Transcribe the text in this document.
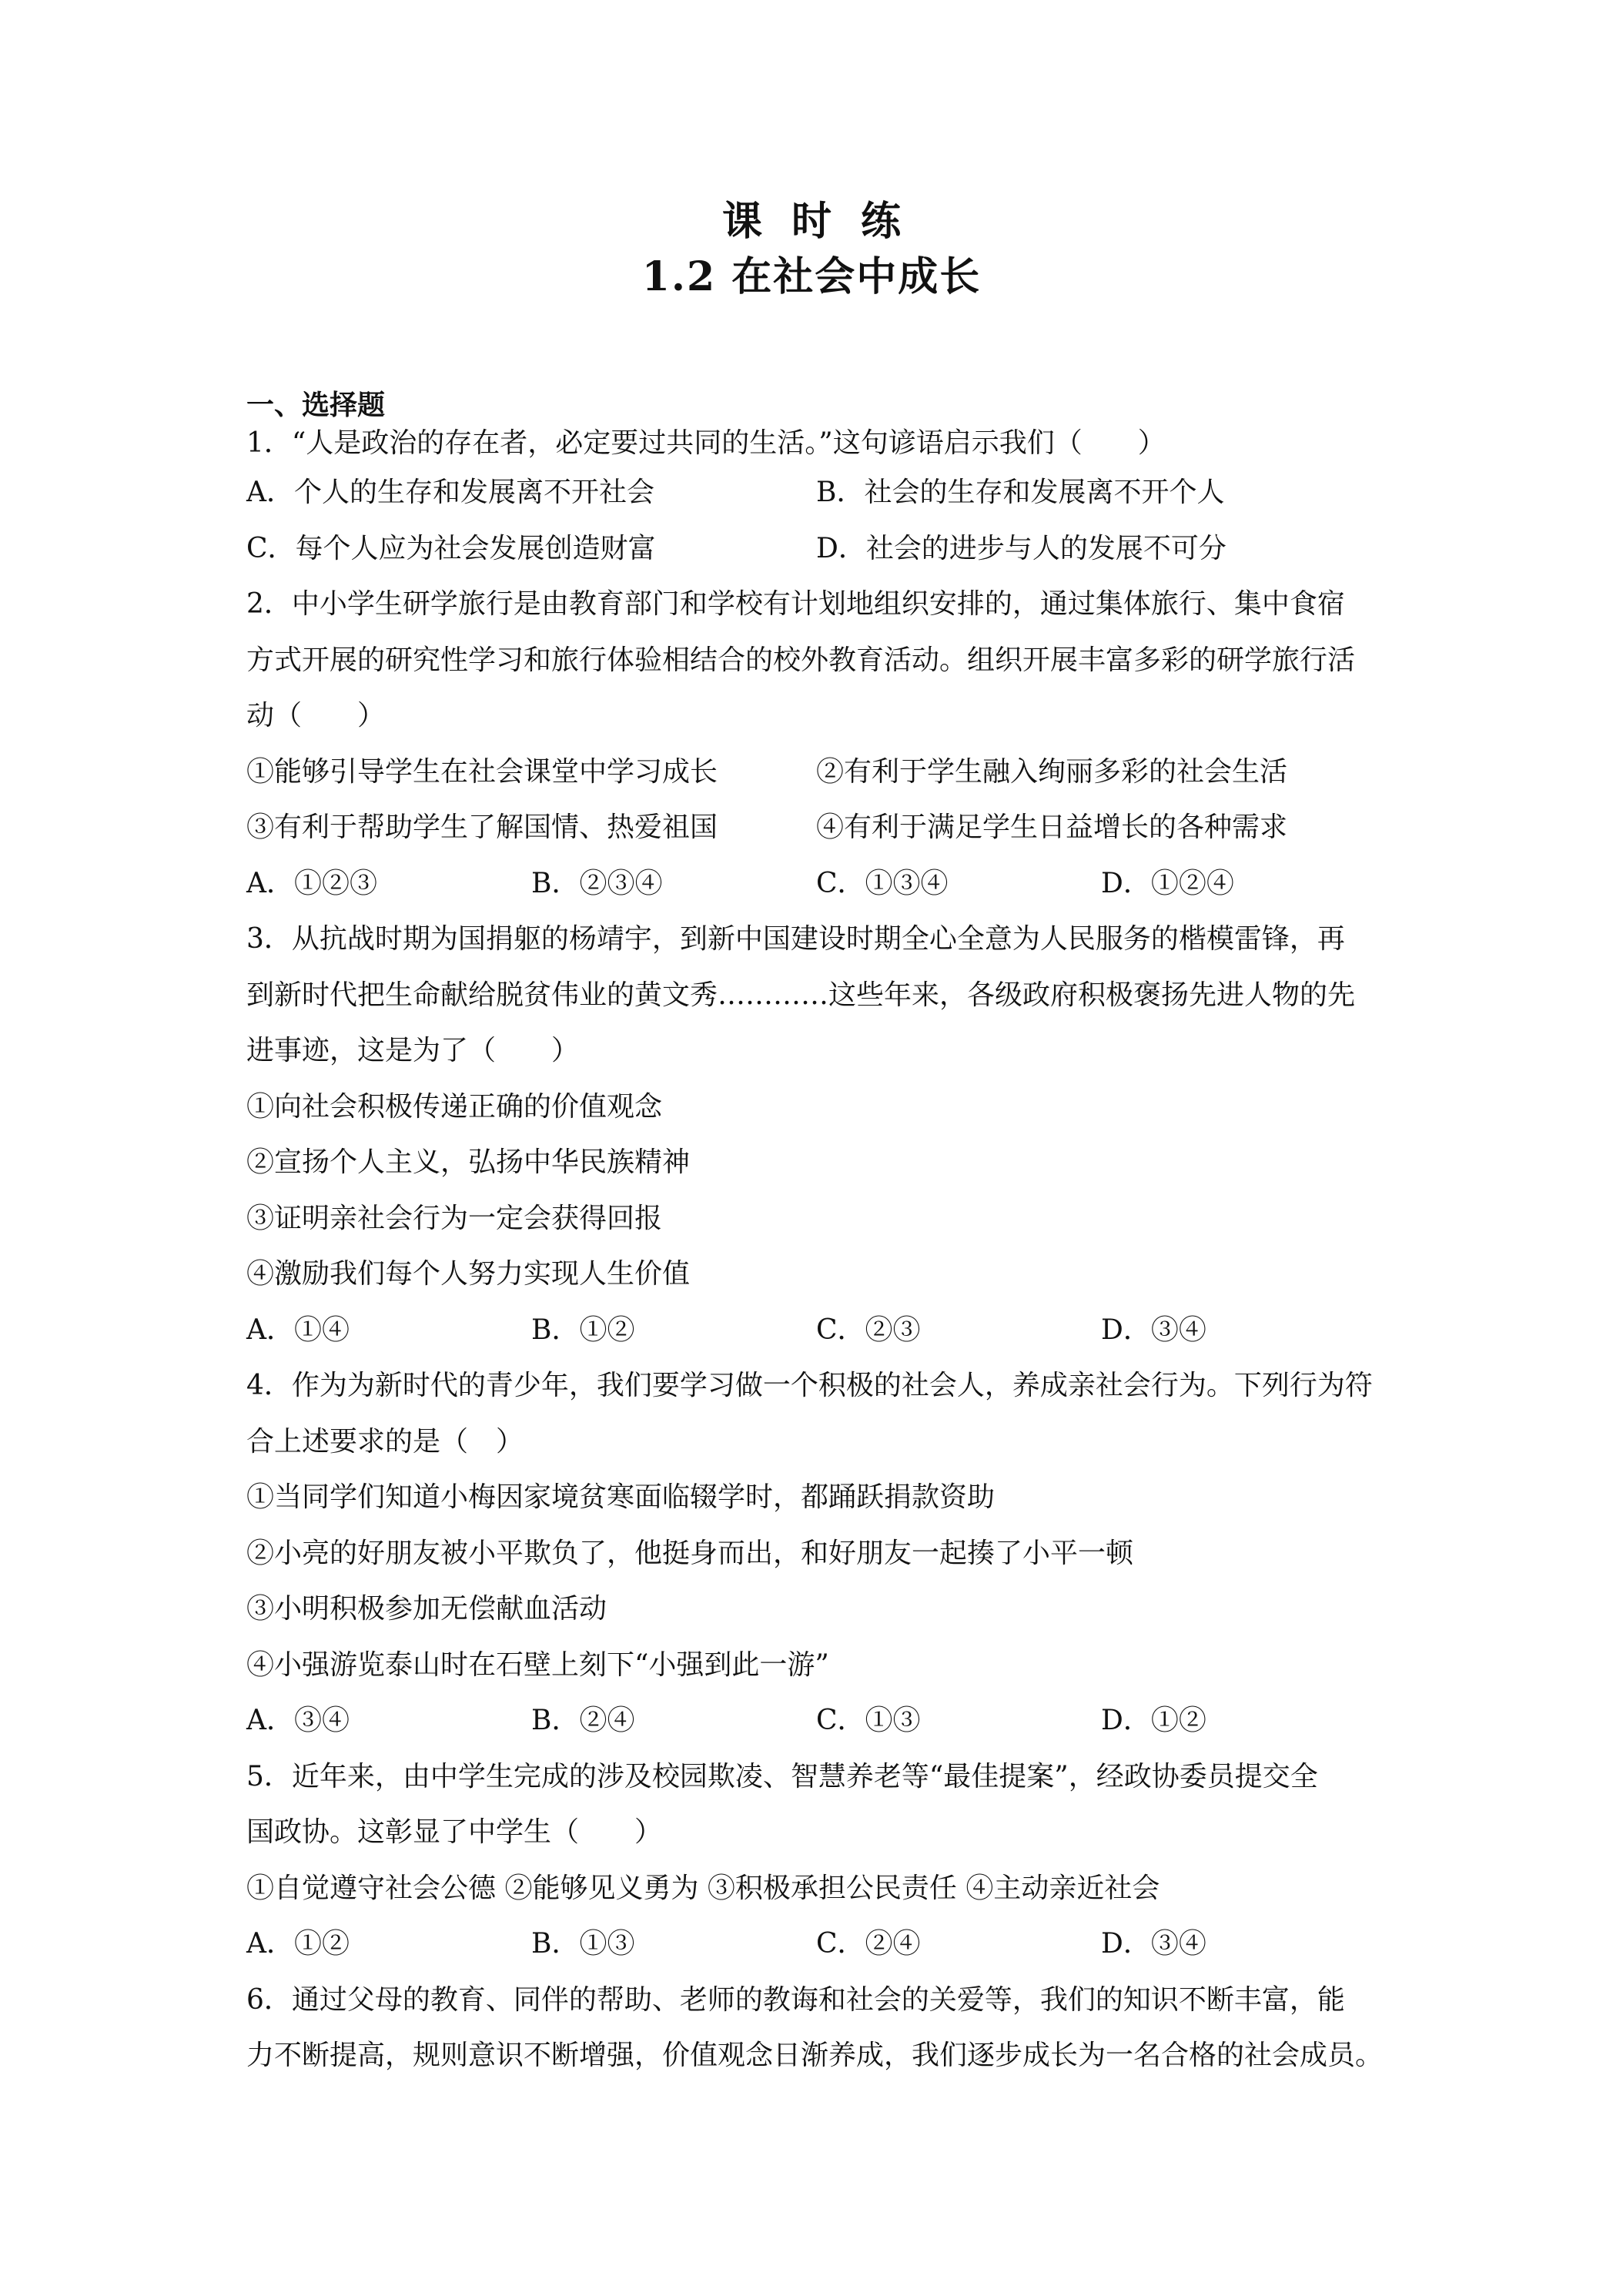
课时练
1.2 在社会中成长
一、选择题
1．“人是政治的存在者，必定要过共同的生活。”这句谚语启示我们（　　）
A．个人的生存和发展离不开社会	B．社会的生存和发展离不开个人
C．每个人应为社会发展创造财富	D．社会的进步与人的发展不可分
2．中小学生研学旅行是由教育部门和学校有计划地组织安排的，通过集体旅行、集中食宿
方式开展的研究性学习和旅行体验相结合的校外教育活动。组织开展丰富多彩的研学旅行活
动（　　）
①能够引导学生在社会课堂中学习成长	②有利于学生融入绚丽多彩的社会生活
③有利于帮助学生了解国情、热爱祖国	④有利于满足学生日益增长的各种需求
A．①②③	B．②③④	C．①③④	D．①②④
3．从抗战时期为国捐躯的杨靖宇，到新中国建设时期全心全意为人民服务的楷模雷锋，再
到新时代把生命献给脱贫伟业的黄文秀…………这些年来，各级政府积极褒扬先进人物的先
进事迹，这是为了（　　）
①向社会积极传递正确的价值观念
②宣扬个人主义，弘扬中华民族精神
③证明亲社会行为一定会获得回报
④激励我们每个人努力实现人生价值
A．①④	B．①②	C．②③	D．③④
4．作为为新时代的青少年，我们要学习做一个积极的社会人，养成亲社会行为。下列行为符
合上述要求的是（　）
①当同学们知道小梅因家境贫寒面临辍学时，都踊跃捐款资助
②小亮的好朋友被小平欺负了，他挺身而出，和好朋友一起揍了小平一顿
③小明积极参加无偿献血活动
④小强游览泰山时在石壁上刻下“小强到此一游”
A．③④	B．②④	C．①③	D．①②
5．近年来，由中学生完成的涉及校园欺凌、智慧养老等“最佳提案”，经政协委员提交全
国政协。这彰显了中学生（　　）
①自觉遵守社会公德 ②能够见义勇为 ③积极承担公民责任 ④主动亲近社会
A．①②	B．①③	C．②④	D．③④
6．通过父母的教育、同伴的帮助、老师的教诲和社会的关爱等，我们的知识不断丰富，能
力不断提高，规则意识不断增强，价值观念日渐养成，我们逐步成长为一名合格的社会成员。
